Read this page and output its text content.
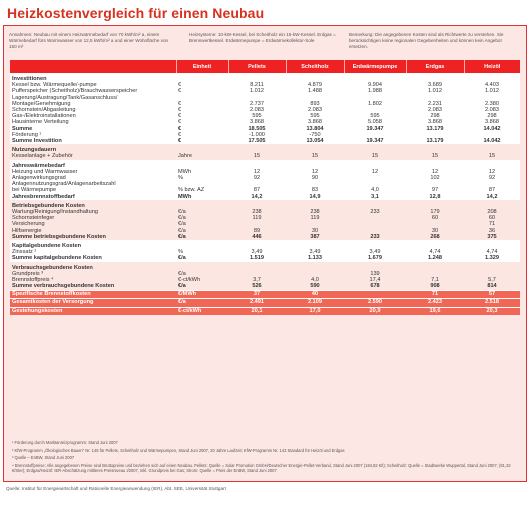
Heizkostenvergleich für einen Neubau
Annahmen: Neubau mit einem Heizwärmebedarf von 70 kWh/m² a, einem Wärmebedarf fürs Warmwasser von 12,5 kWh/m² a und einer Wohnfläche von 150 m²
Heizsysteme: 10-kW-Kessel, bei Scheitholz ein 15-kW-Kessel. Erdgas = Brennwertkessel. Erdwärmepumpe = Erdwärmekollektor-Sole
Bemerkung: Die angegebenen Kosten sind als Richtwerte zu verstehen. Sie berücksichtigen keine regionalen Gegebenheiten und können kein Angebot ersetzen.
	Einheit	Pellets	Scheitholz	Erdwärmepumpe	Erdgas	Heizöl

Investitionen						
Kessel bzw. Wärmequelle/-pumpe	€	8.211	4.879	9.904	3.689	4.403
Pufferspeicher (Scheitholz)/Brauchwasserspeicher	€	1.012	1.488	1.988	1.012	1.012
Lagerung/Austragung/Tank/Gasanschluss/						
Montage/Genehmigung	€	2.737	893	1.802	2.231	2.380
Schornstein/Abgasleitung	€	2.083	2.083		2.083	2.083
Gas-/Elektroinstallationen	€	595	595	595	298	298
Hausinterne Verteilung	€	3.868	3.868	5.058	3.868	3.868
Summe	€	18.505	13.804	19.347	13.179	14.042
Förderung ¹	€	-1.000	-750			
Summe Investition	€	17.505	13.054	19.347	13.179	14.042

Nutzungsdauern						
Kesselanlage + Zubehör	Jahre	15	15	15	15	15

Jahreswärmebedarf						
Heizung und Warmwasser	MWh	12	12	12	12	12
Anlagenwirkungsgrad	%	92	90		102	92
Anlagennutzungsgrad/Anlagenarbeitszahl						
bei Wärmepumpe	% bzw. AZ	87	83	4,0	97	87
Jahresbrennstoffbedarf	MWh	14,2	14,9	3,1	12,8	14,2

Betriebsgebundene Kosten						
Wartung/Reinigung/Instandhaltung	€/a	238	238	233	179	208
Schornsteinfeger	€/a	119	119		60	60
Versicherung	€/a					71
Hilfsenergie	€/a	89	30		30	36
Summe betriebsgebundene Kosten	€/a	446	387	233	268	375

Kapitalgebundene Kosten						
Zinssatz ²	%	3,49	3,49	3,49	4,74	4,74
Summe kapitalgebundene Kosten	€/a	1.519	1.133	1.679	1.248	1.329

Verbrauchsgebundene Kosten						
Grundpreis ³	€/a			139		
Brennstoffpreis ⁴	€-ct/kWh	3,7	4,0	17,4	7,1	5,7
Summe verbrauchsgebundene Kosten	€/a	526	590	678	908	814
Spezifische Brennstoffkosten	€/MWh	37	40		71	57
Gesamtkosten der Versorgung	€/a	2.491	2.109	2.590	2.423	2.518
Gestehungskosten	€-ct/kWh	20,1	17,0	20,9	19,6	20,3

¹ Förderung durch Marktanreizprogramm: Stand Juni 2007

² KfW-Programm „Ökologisches Bauen" Nr. 145 für Pellets, Scheitholz und Wärmepumpen, Stand Juni 2007, 20 Jahre Laufzeit; KfW-Programm Nr. 143 Standard für Heizöl und Erdgas

³ Quelle – EnBW, Stand Juni 2007

⁴ Brennstoffpreise: Alle angegebenen Preise sind Bruttopreise und beziehen sich auf einen Neubau. Pellets: Quelle = Solar Promotion GmbH/Deutscher Energie-Pellet-Verband, Stand Juni 2007 (184,82 €/t); Scheitholz: Quelle = Stadtwerke Wuppertal, Stand Juni 2007, (81,32 €/Ster); Erdgas/Heizöl: IER-Abschätzung mittleres Preisniveau I/2007, inkl. Grundpreis bei Gas; Strom: Quelle = Preis der EnBW, Stand Juni 2007

Quelle: Institut für Energiewirtschaft und Rationelle Energieanwendung (IER), Abt. SEE, Universität Stuttgart
